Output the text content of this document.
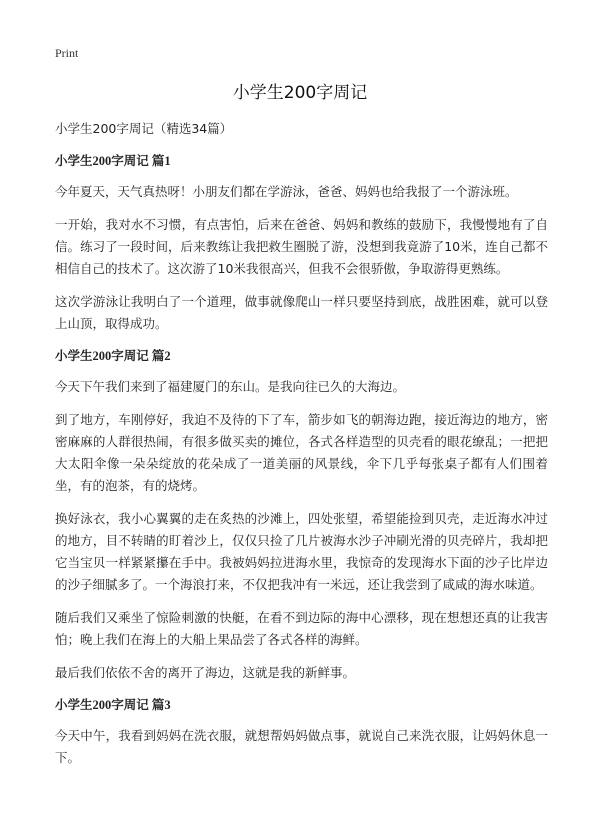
Print
小学生200字周记

小学生200字周记（精选34篇）

小学生200字周记 篇1

今年夏天，天气真热呀！小朋友们都在学游泳，爸爸、妈妈也给我报了一个游泳班。

一开始，我对水不习惯，有点害怕，后来在爸爸、妈妈和教练的鼓励下，我慢慢地有了自信。练习了一段时间，后来教练让我把救生圈脱了游，没想到我竟游了10米，连自己都不相信自己的技术了。这次游了10米我很高兴，但我不会很骄傲，争取游得更熟练。

这次学游泳让我明白了一个道理，做事就像爬山一样只要坚持到底，战胜困难，就可以登上山顶，取得成功。

小学生200字周记 篇2

今天下午我们来到了福建厦门的东山。是我向往已久的大海边。

到了地方，车刚停好，我迫不及待的下了车，箭步如飞的朝海边跑，接近海边的地方，密密麻麻的人群很热闹，有很多做买卖的摊位，各式各样造型的贝壳看的眼花缭乱；一把把大太阳伞像一朵朵绽放的花朵成了一道美丽的风景线，伞下几乎每张桌子都有人们围着坐，有的泡茶，有的烧烤。

换好泳衣，我小心翼翼的走在炙热的沙滩上，四处张望，希望能捡到贝壳，走近海水冲过的地方，目不转睛的盯着沙上，仅仅只捡了几片被海水沙子冲刷光滑的贝壳碎片，我却把它当宝贝一样紧紧攥在手中。我被妈妈拉进海水里，我惊奇的发现海水下面的沙子比岸边的沙子细腻多了。一个海浪打来，不仅把我冲有一米远，还让我尝到了咸咸的海水味道。

随后我们又乘坐了惊险刺激的快艇，在看不到边际的海中心漂移，现在想想还真的让我害怕；晚上我们在海上的大船上果品尝了各式各样的海鲜。

最后我们依依不舍的离开了海边，这就是我的新鲜事。

小学生200字周记 篇3

今天中午，我看到妈妈在洗衣服，就想帮妈妈做点事，就说自己来洗衣服，让妈妈休息一下。
